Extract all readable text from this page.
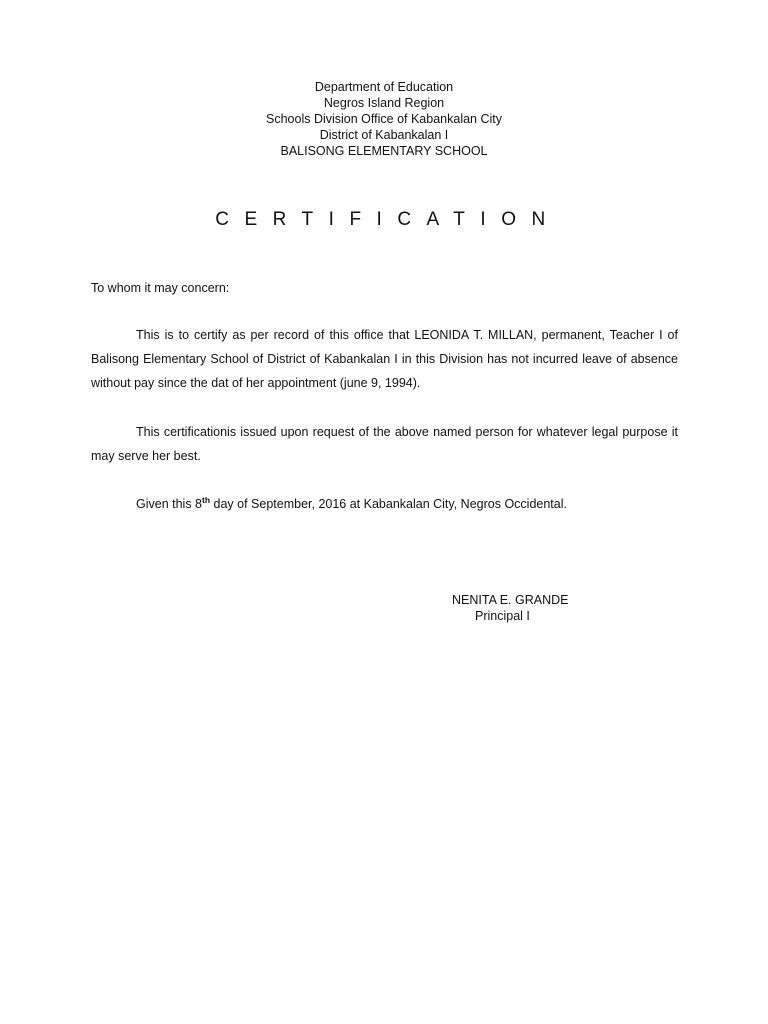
Department of Education
Negros Island Region
Schools Division Office of Kabankalan City
District of Kabankalan I
BALISONG ELEMENTARY SCHOOL
CERTIFICATION
To whom it may concern:
This is to certify as per record of this office that LEONIDA T. MILLAN, permanent, Teacher I of Balisong Elementary School of District of Kabankalan I in this Division has not incurred leave of absence without pay since the dat of her appointment (june 9, 1994).
This certificationis issued upon request of the above named person for whatever legal purpose it may serve her best.
Given this 8th day of September, 2016 at Kabankalan City, Negros Occidental.
NENITA E. GRANDE
Principal I
